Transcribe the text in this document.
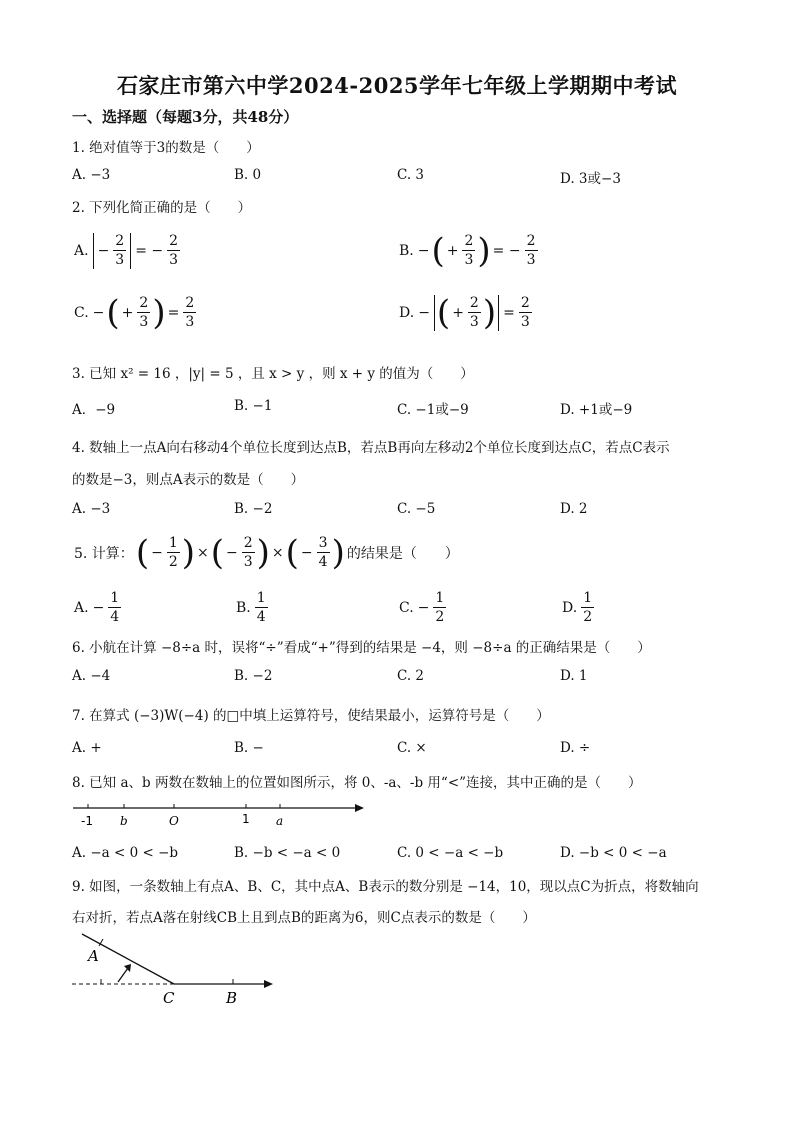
石家庄市第六中学2024-2025学年七年级上学期期中考试
一、选择题（每题3分，共48分）
1. 绝对值等于3的数是（　　）
A. −3	B. 0	C. 3	D. 3或−3
2. 下列化简正确的是（　　）
A. − $\frac{2}{3}$ = − $\frac{2}{3}$	B. − ( + $\frac{2}{3}$ ) = − $\frac{2}{3}$
C. − ( + $\frac{2}{3}$ ) = $\frac{2}{3}$	D. − ( + $\frac{2}{3}$ ) = $\frac{2}{3}$
3. 已知 x² = 16 ，|y| = 5 ，且 x > y ，则 x + y 的值为（　　）
A．−9	B. −1	C. −1或−9	D. +1或−9
4. 数轴上一点A向右移动4个单位长度到达点B，若点B再向左移动2个单位长度到达点C，若点C表示
的数是−3，则点A表示的数是（　　）
A. −3	B. −2	C. −5	D. 2
5. 计算： ( − $\frac{1}{2}$ ) × ( − $\frac{2}{3}$ ) × ( − $\frac{3}{4}$ ) 的结果是（　　）
A. − $\frac{1}{4}$	B. $\frac{1}{4}$	C. − $\frac{1}{2}$	D. $\frac{1}{2}$
6. 小航在计算 −8÷a 时，误将“÷”看成“+”得到的结果是 −4，则 −8÷a 的正确结果是（　　）
A. −4	B. −2	C. 2	D. 1
7. 在算式 (−3)W(−4) 的□中填上运算符号，使结果最小，运算符号是（　　）
A. +	B. −	C. ×	D. ÷
8. 已知 a、b 两数在数轴上的位置如图所示，将 0、-a、-b 用“<”连接，其中正确的是（　　）
-1 b	O	1 a
A. −a < 0 < −b	B. −b < −a < 0	C. 0 < −a < −b	D. −b < 0 < −a
9. 如图，一条数轴上有点A、B、C，其中点A、B表示的数分别是 −14，10，现以点C为折点，将数轴向
右对折，若点A落在射线CB上且到点B的距离为6，则C点表示的数是（　　）
A
C	B
